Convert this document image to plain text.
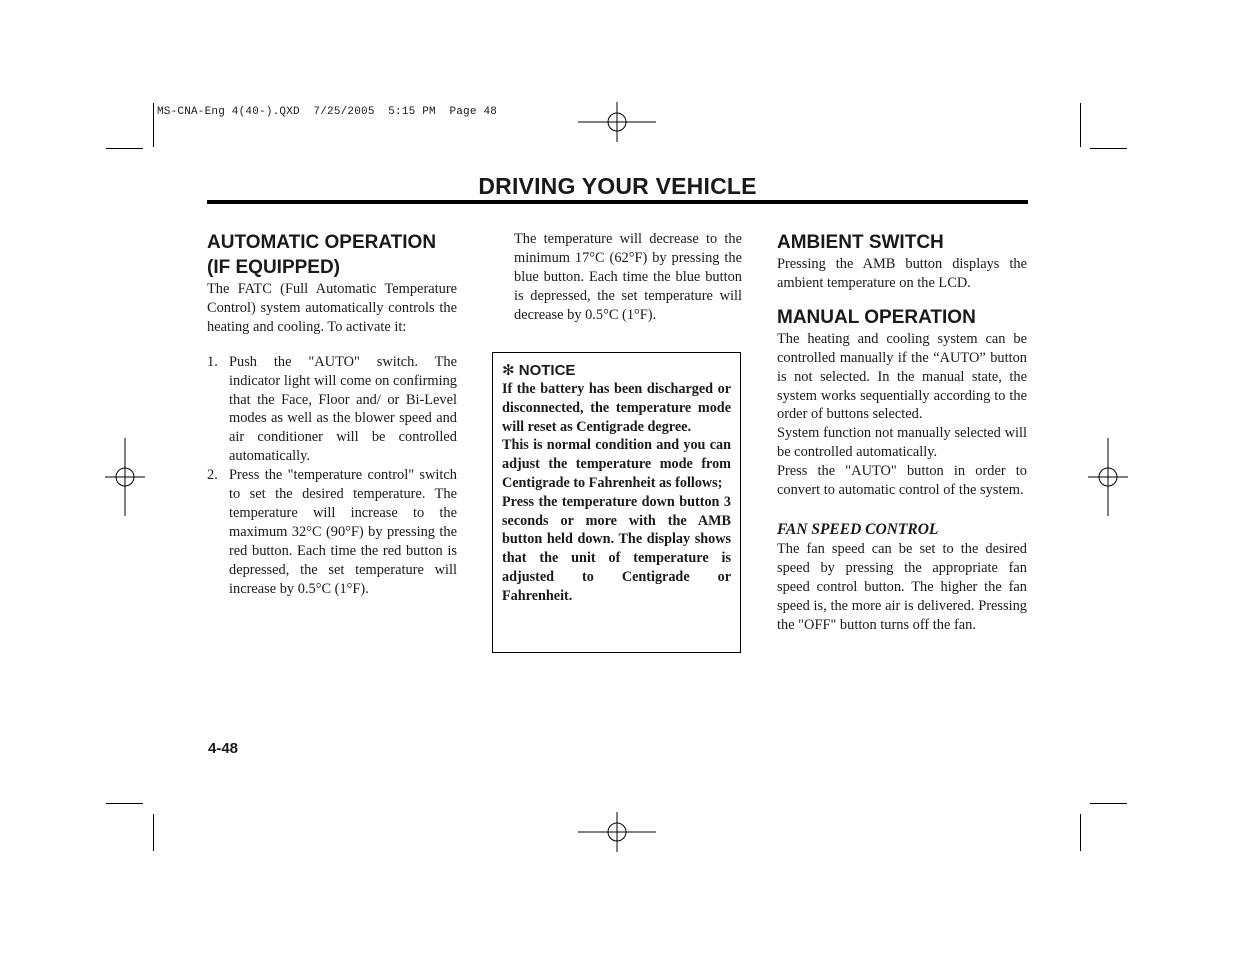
MS-CNA-Eng 4(40-).QXD  7/25/2005  5:15 PM  Page 48
DRIVING YOUR VEHICLE
AUTOMATIC OPERATION
(IF EQUIPPED)

The FATC (Full Automatic Temperature Control) system automatically controls the heating and cooling. To activate it:

1. Push the "AUTO" switch. The indicator light will come on confirming that the Face, Floor and/ or Bi-Level modes as well as the blower speed and air conditioner will be controlled automatically.
2. Press the "temperature control" switch to set the desired temperature. The temperature will increase to the maximum 32°C (90°F) by pressing the red button. Each time the red button is depressed, the set temperature will increase by 0.5°C (1°F).

The temperature will decrease to the minimum 17°C (62°F) by pressing the blue button. Each time the blue button is depressed, the set temperature will decrease by 0.5°C (1°F).

✻ NOTICE

If the battery has been discharged or disconnected, the temperature mode will reset as Centigrade degree.

This is normal condition and you can adjust the temperature mode from Centigrade to Fahrenheit as follows;

Press the temperature down button 3 seconds or more with the AMB button held down. The display shows that the unit of temperature is adjusted to Centigrade or Fahrenheit.

AMBIENT SWITCH

Pressing the AMB button displays the ambient temperature on the LCD.

MANUAL OPERATION

The heating and cooling system can be controlled manually if the “AUTO” button is not selected. In the manual state, the system works sequentially according to the order of buttons selected.

System function not manually selected will be controlled automatically.

Press the "AUTO" button in order to convert to automatic control of the system.

FAN SPEED CONTROL

The fan speed can be set to the desired speed by pressing the appropriate fan speed control button. The higher the fan speed is, the more air is delivered. Pressing the "OFF" button turns off the fan.

4-48
